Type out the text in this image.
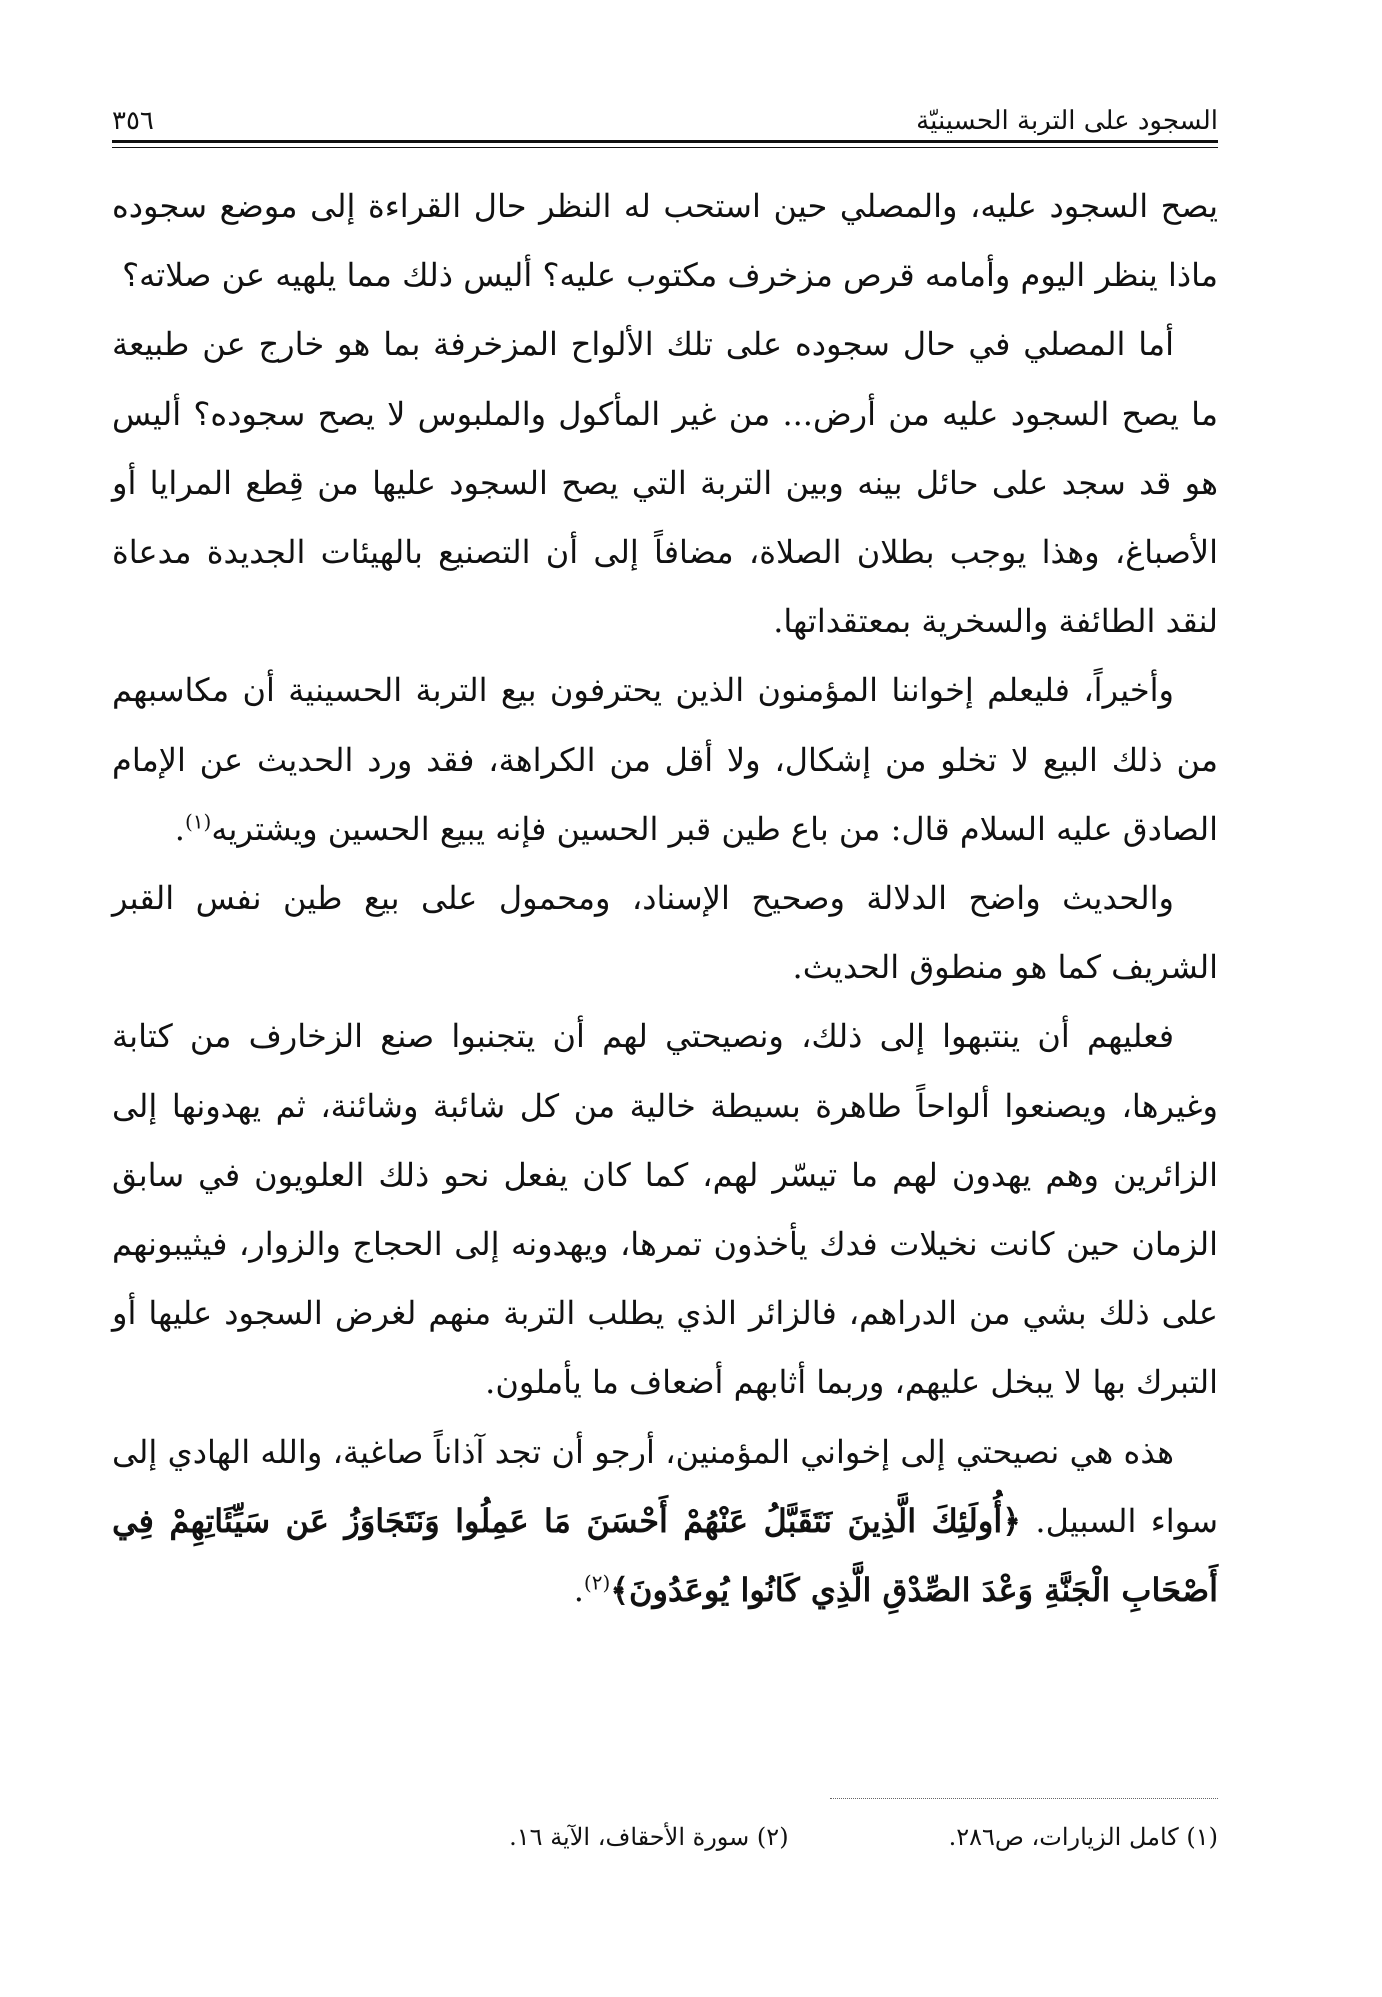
السجود على التربة الحسينيّة
٣٥٦

يصح السجود عليه، والمصلي حين استحب له النظر حال القراءة إلى موضع سجوده ماذا ينظر اليوم وأمامه قرص مزخرف مكتوب عليه؟ أليس ذلك مما يلهيه عن صلاته؟

أما المصلي في حال سجوده على تلك الألواح المزخرفة بما هو خارج عن طبيعة ما يصح السجود عليه من أرض... من غير المأكول والملبوس لا يصح سجوده؟ أليس هو قد سجد على حائل بينه وبين التربة التي يصح السجود عليها من قِطع المرايا أو الأصباغ، وهذا يوجب بطلان الصلاة، مضافاً إلى أن التصنيع بالهيئات الجديدة مدعاة لنقد الطائفة والسخرية بمعتقداتها.

وأخيراً، فليعلم إخواننا المؤمنون الذين يحترفون بيع التربة الحسينية أن مكاسبهم من ذلك البيع لا تخلو من إشكال، ولا أقل من الكراهة، فقد ورد الحديث عن الإمام الصادق عليه السلام قال: من باع طين قبر الحسين فإنه يبيع الحسين ويشتريه$^{(١)}$.

والحديث واضح الدلالة وصحيح الإسناد، ومحمول على بيع طين نفس القبر الشريف كما هو منطوق الحديث.

فعليهم أن ينتبهوا إلى ذلك، ونصيحتي لهم أن يتجنبوا صنع الزخارف من كتابة وغيرها، ويصنعوا ألواحاً طاهرة بسيطة خالية من كل شائبة وشائنة، ثم يهدونها إلى الزائرين وهم يهدون لهم ما تيسّر لهم، كما كان يفعل نحو ذلك العلويون في سابق الزمان حين كانت نخيلات فدك يأخذون تمرها، ويهدونه إلى الحجاج والزوار، فيثيبونهم على ذلك بشي من الدراهم، فالزائر الذي يطلب التربة منهم لغرض السجود عليها أو التبرك بها لا يبخل عليهم، وربما أثابهم أضعاف ما يأملون.

هذه هي نصيحتي إلى إخواني المؤمنين، أرجو أن تجد آذاناً صاغية، والله الهادي إلى سواء السبيل. ﴿أُولَئِكَ الَّذِينَ نَتَقَبَّلُ عَنْهُمْ أَحْسَنَ مَا عَمِلُوا وَنَتَجَاوَزُ عَن سَيِّئَاتِهِمْ فِي أَصْحَابِ الْجَنَّةِ وَعْدَ الصِّدْقِ الَّذِي كَانُوا يُوعَدُونَ﴾$^{(٢)}$.

(١) كامل الزيارات، ص٢٨٦.
(٢) سورة الأحقاف، الآية ١٦.
